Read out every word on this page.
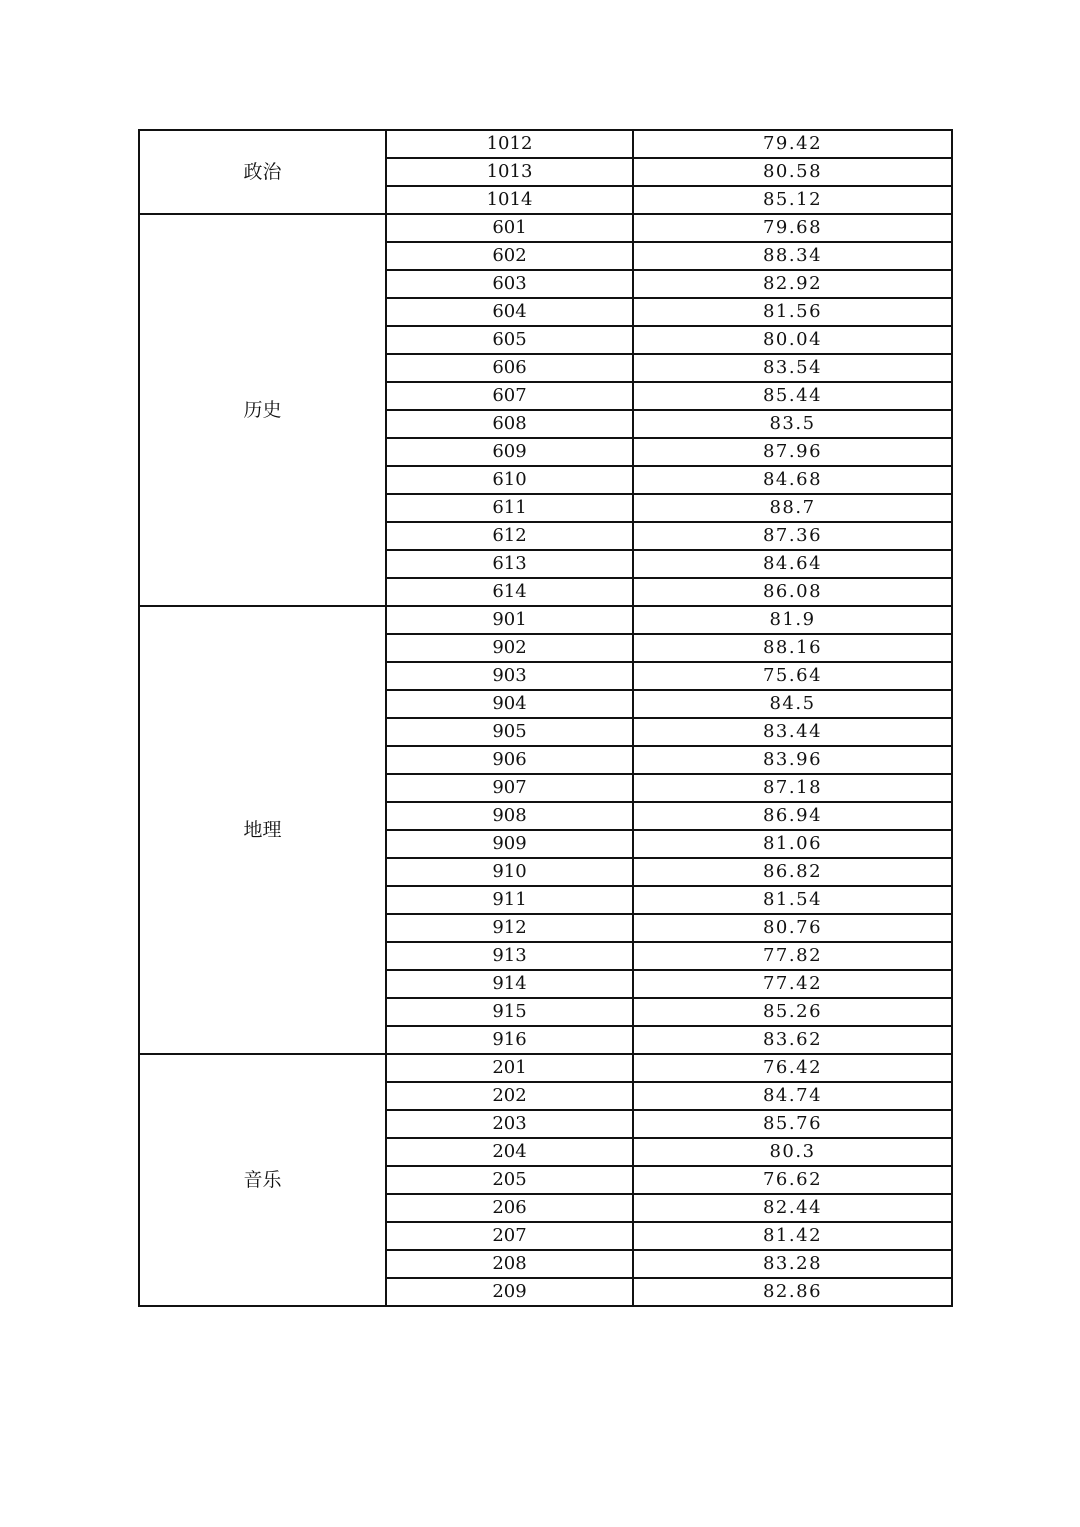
政治	1012	79.42
	1013	80.58
	1014	85.12
历史	601	79.68
	602	88.34
	603	82.92
	604	81.56
	605	80.04
	606	83.54
	607	85.44
	608	83.5
	609	87.96
	610	84.68
	611	88.7
	612	87.36
	613	84.64
	614	86.08
地理	901	81.9
	902	88.16
	903	75.64
	904	84.5
	905	83.44
	906	83.96
	907	87.18
	908	86.94
	909	81.06
	910	86.82
	911	81.54
	912	80.76
	913	77.82
	914	77.42
	915	85.26
	916	83.62
音乐	201	76.42
	202	84.74
	203	85.76
	204	80.3
	205	76.62
	206	82.44
	207	81.42
	208	83.28
	209	82.86
